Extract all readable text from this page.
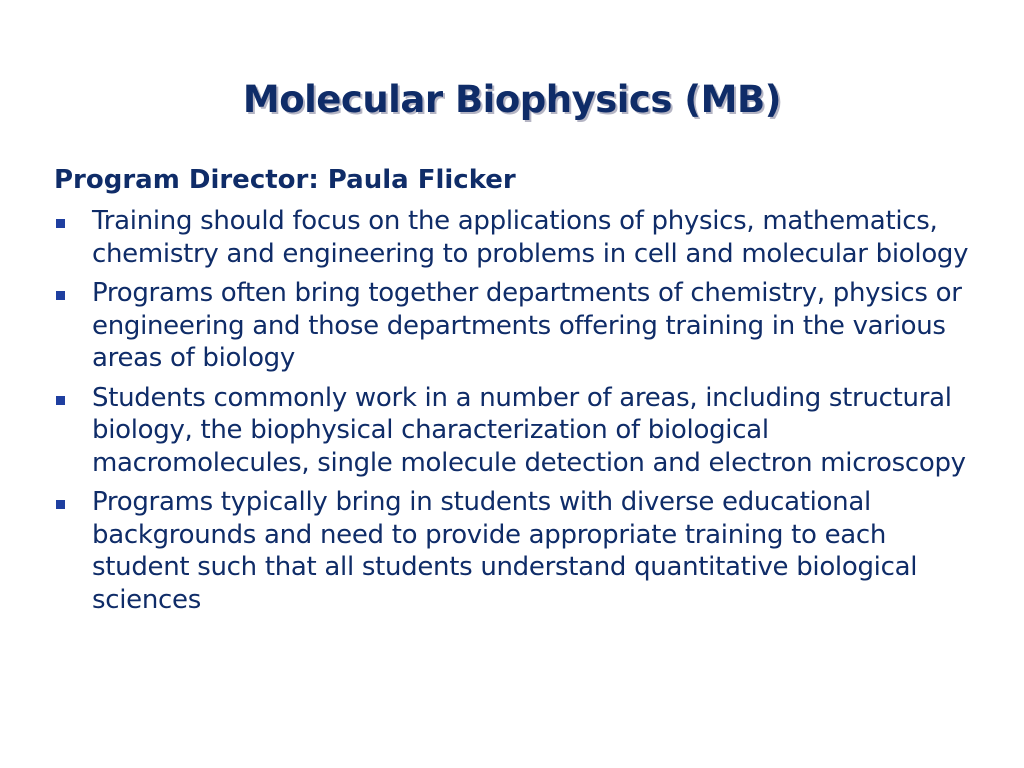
Molecular Biophysics (MB)

Program Director: Paula Flicker

Training should focus on the applications of physics, mathematics, chemistry and engineering to problems in cell and molecular biology
Programs often bring together departments of chemistry, physics or engineering and those departments offering training in the various areas of biology
Students commonly work in a number of areas, including structural biology, the biophysical characterization of biological macromolecules, single molecule detection and electron microscopy
Programs typically bring in students with diverse educational backgrounds and need to provide appropriate training to each student such that all students understand quantitative biological sciences
